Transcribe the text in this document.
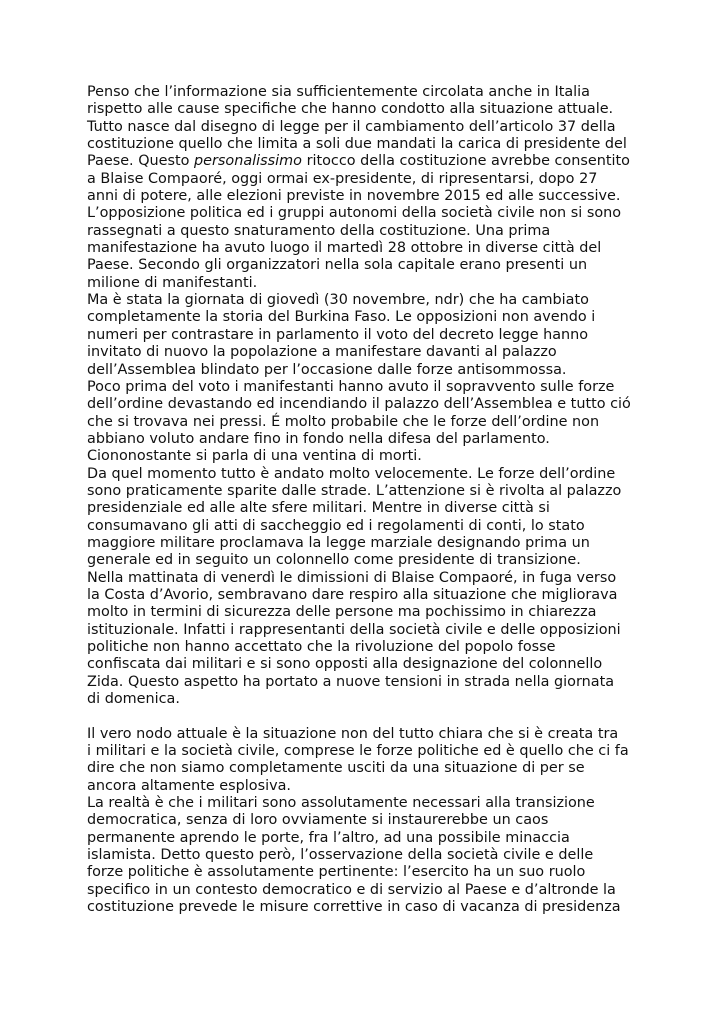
Penso che l’informazione sia sufficientemente circolata anche in Italia
rispetto alle cause specifiche che hanno condotto alla situazione attuale.
Tutto nasce dal disegno di legge per il cambiamento dell’articolo 37 della
costituzione quello che limita a soli due mandati la carica di presidente del
Paese. Questo personalissimo ritocco della costituzione avrebbe consentito
a Blaise Compaoré, oggi ormai ex-presidente, di ripresentarsi, dopo 27
anni di potere, alle elezioni previste in novembre 2015 ed alle successive.
L’opposizione politica ed i gruppi autonomi della società civile non si sono
rassegnati a questo snaturamento della costituzione. Una prima
manifestazione ha avuto luogo il martedì 28 ottobre in diverse città del
Paese. Secondo gli organizzatori nella sola capitale erano presenti un
milione di manifestanti.
Ma è stata la giornata di giovedì (30 novembre, ndr) che ha cambiato
completamente la storia del Burkina Faso. Le opposizioni non avendo i
numeri per contrastare in parlamento il voto del decreto legge hanno
invitato di nuovo la popolazione a manifestare davanti al palazzo
dell’Assemblea blindato per l’occasione dalle forze antisommossa.
Poco prima del voto i manifestanti hanno avuto il sopravvento sulle forze
dell’ordine devastando ed incendiando il palazzo dell’Assemblea e tutto ció
che si trovava nei pressi. É molto probabile che le forze dell’ordine non
abbiano voluto andare fino in fondo nella difesa del parlamento.
Ciononostante si parla di una ventina di morti.
Da quel momento tutto è andato molto velocemente. Le forze dell’ordine
sono praticamente sparite dalle strade. L’attenzione si è rivolta al palazzo
presidenziale ed alle alte sfere militari. Mentre in diverse città si
consumavano gli atti di saccheggio ed i regolamenti di conti, lo stato
maggiore militare proclamava la legge marziale designando prima un
generale ed in seguito un colonnello come presidente di transizione.
Nella mattinata di venerdì le dimissioni di Blaise Compaoré, in fuga verso
la Costa d’Avorio, sembravano dare respiro alla situazione che migliorava
molto in termini di sicurezza delle persone ma pochissimo in chiarezza
istituzionale. Infatti i rappresentanti della società civile e delle opposizioni
politiche non hanno accettato che la rivoluzione del popolo fosse
confiscata dai militari e si sono opposti alla designazione del colonnello
Zida. Questo aspetto ha portato a nuove tensioni in strada nella giornata
di domenica.
Il vero nodo attuale è la situazione non del tutto chiara che si è creata tra
i militari e la società civile, comprese le forze politiche ed è quello che ci fa
dire che non siamo completamente usciti da una situazione di per se
ancora altamente esplosiva.
La realtà è che i militari sono assolutamente necessari alla transizione
democratica, senza di loro ovviamente si instaurerebbe un caos
permanente aprendo le porte, fra l’altro, ad una possibile minaccia
islamista. Detto questo però, l’osservazione della società civile e delle
forze politiche è assolutamente pertinente: l’esercito ha un suo ruolo
specifico in un contesto democratico e di servizio al Paese e d’altronde la
costituzione prevede le misure correttive in caso di vacanza di presidenza
